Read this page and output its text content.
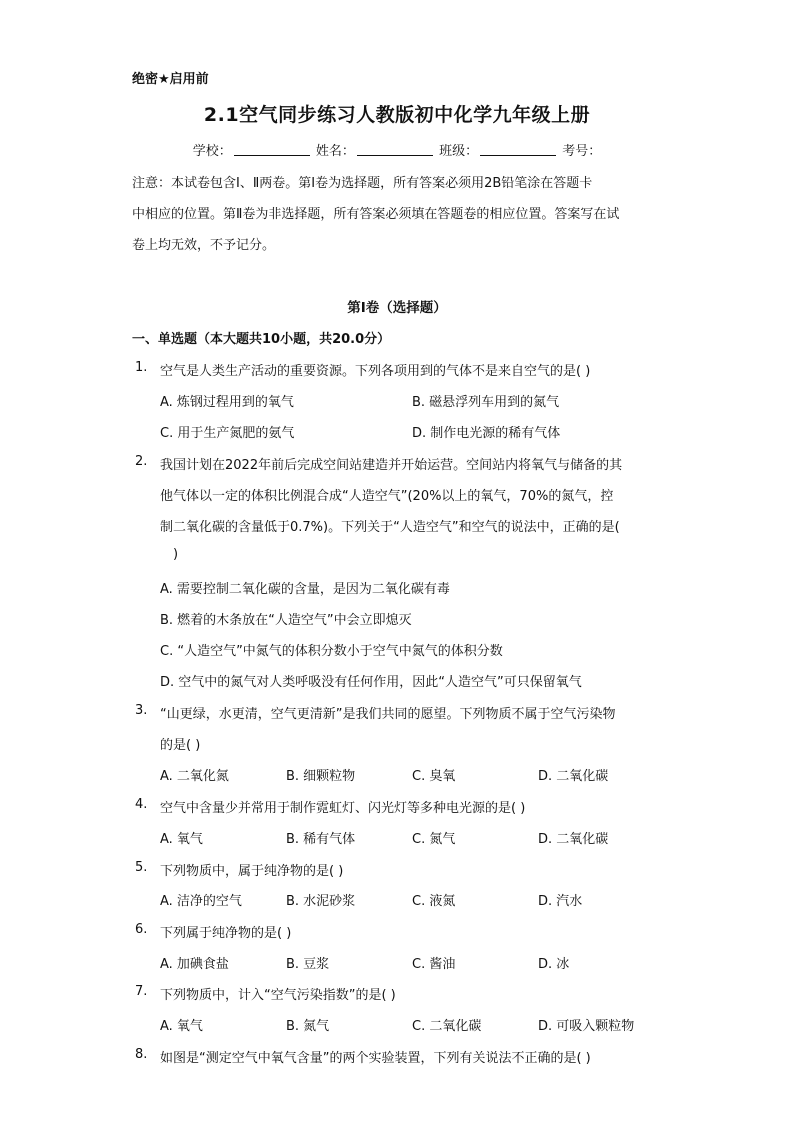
绝密★启用前
2.1空气同步练习人教版初中化学九年级上册
学校：	姓名：	班级：	考号：
注意：本试卷包含Ⅰ、Ⅱ两卷。第Ⅰ卷为选择题，所有答案必须用2B铅笔涂在答题卡
中相应的位置。第Ⅱ卷为非选择题，所有答案必须填在答题卷的相应位置。答案写在试
卷上均无效，不予记分。
第Ⅰ卷（选择题）
一、单选题（本大题共10小题，共20.0分）
1. 空气是人类生产活动的重要资源。下列各项用到的气体不是来自空气的是( )
A. 炼钢过程用到的氧气	B. 磁悬浮列车用到的氮气
C. 用于生产氮肥的氨气	D. 制作电光源的稀有气体
2. 我国计划在2022年前后完成空间站建造并开始运营。空间站内将氧气与储备的其
他气体以一定的体积比例混合成“人造空气”(20%以上的氧气，70%的氮气，控
制二氧化碳的含量低于0.7%)。下列关于“人造空气”和空气的说法中，正确的是(
)
A. 需要控制二氧化碳的含量，是因为二氧化碳有毒
B. 燃着的木条放在“人造空气”中会立即熄灭
C. “人造空气”中氮气的体积分数小于空气中氮气的体积分数
D. 空气中的氮气对人类呼吸没有任何作用，因此“人造空气”可只保留氧气
3. “山更绿，水更清，空气更清新”是我们共同的愿望。下列物质不属于空气污染物
的是( )
A. 二氧化氮	B. 细颗粒物	C. 臭氧	D. 二氧化碳
4. 空气中含量少并常用于制作霓虹灯、闪光灯等多种电光源的是( )
A. 氧气	B. 稀有气体	C. 氮气	D. 二氧化碳
5. 下列物质中，属于纯净物的是( )
A. 洁净的空气	B. 水泥砂浆	C. 液氮	D. 汽水
6. 下列属于纯净物的是( )
A. 加碘食盐	B. 豆浆	C. 酱油	D. 冰
7. 下列物质中，计入“空气污染指数”的是( )
A. 氧气	B. 氮气	C. 二氧化碳	D. 可吸入颗粒物
8. 如图是“测定空气中氧气含量”的两个实验装置，下列有关说法不正确的是( )
